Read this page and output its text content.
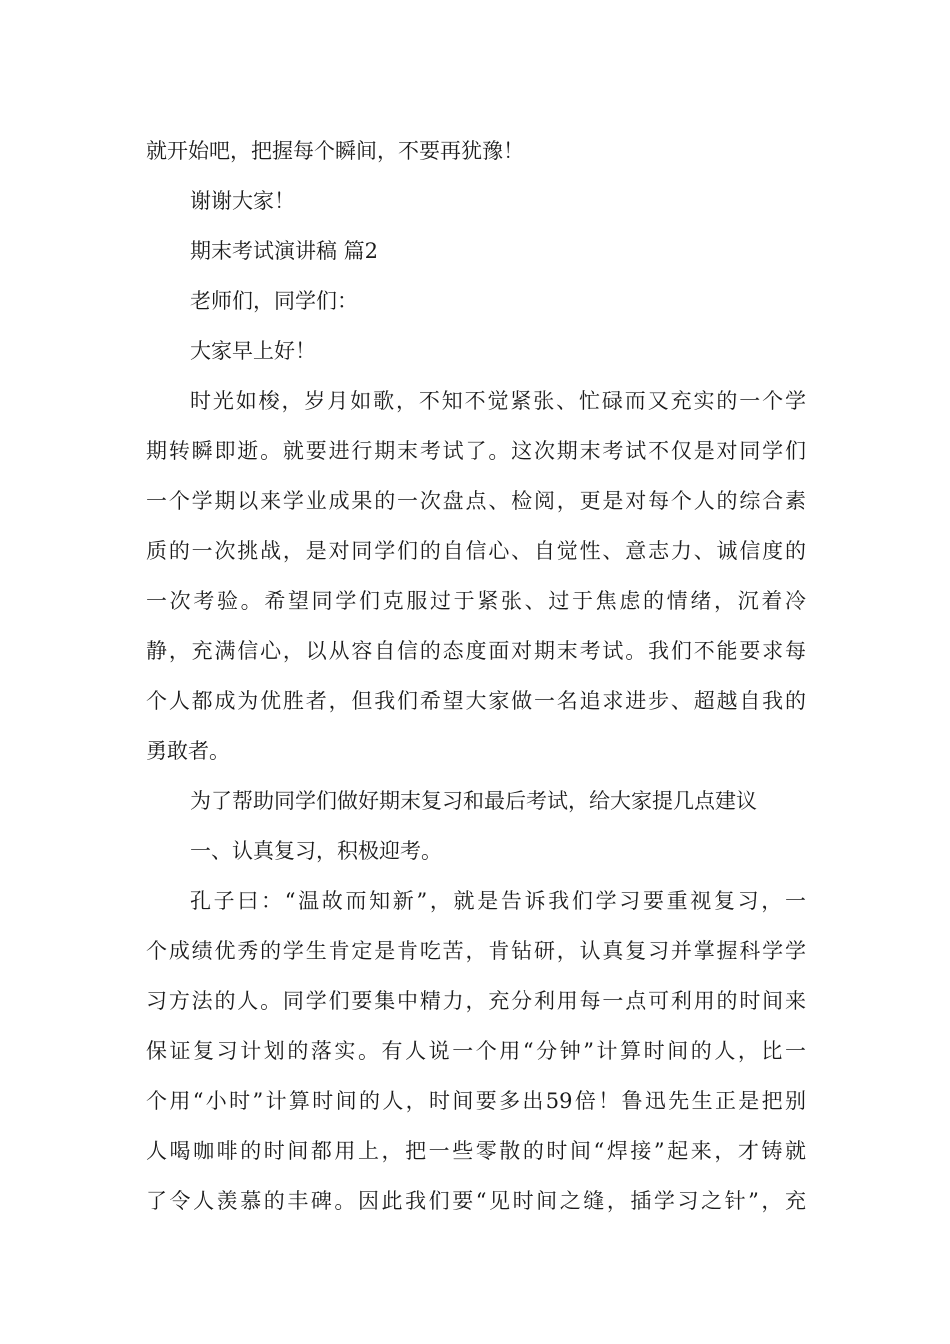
就开始吧，把握每个瞬间，不要再犹豫！
谢谢大家！
期末考试演讲稿 篇2
老师们，同学们：
大家早上好！
时光如梭，岁月如歌，不知不觉紧张、忙碌而又充实的一个学
期转瞬即逝。就要进行期末考试了。这次期末考试不仅是对同学们
一个学期以来学业成果的一次盘点、检阅，更是对每个人的综合素
质的一次挑战，是对同学们的自信心、自觉性、意志力、诚信度的
一次考验。希望同学们克服过于紧张、过于焦虑的情绪，沉着冷
静，充满信心，以从容自信的态度面对期末考试。我们不能要求每
个人都成为优胜者，但我们希望大家做一名追求进步、超越自我的
勇敢者。
为了帮助同学们做好期末复习和最后考试，给大家提几点建议
一、认真复习，积极迎考。
孔子曰：“温故而知新”，就是告诉我们学习要重视复习，一
个成绩优秀的学生肯定是肯吃苦，肯钻研，认真复习并掌握科学学
习方法的人。同学们要集中精力，充分利用每一点可利用的时间来
保证复习计划的落实。有人说一个用“分钟”计算时间的人，比一
个用“小时”计算时间的人，时间要多出59倍！鲁迅先生正是把别
人喝咖啡的时间都用上，把一些零散的时间“焊接”起来，才铸就
了令人羡慕的丰碑。因此我们要“见时间之缝，插学习之针”，充
